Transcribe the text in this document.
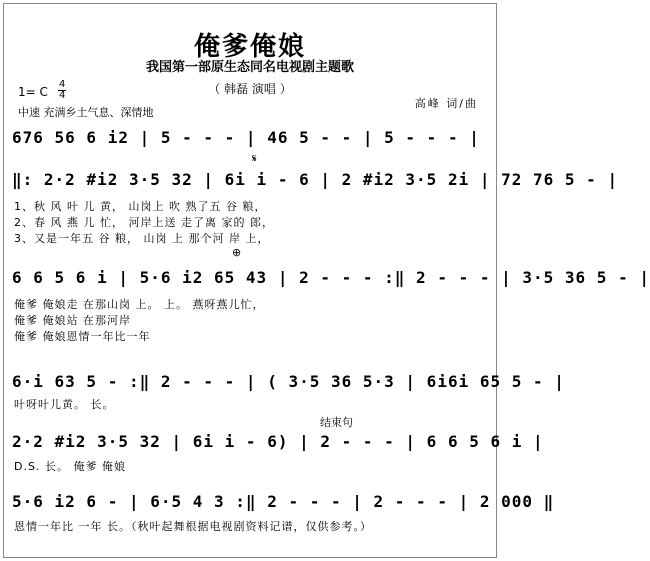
俺爹俺娘
我国第一部原生态同名电视剧主题歌
（ 韩磊 演唱 ）
1= C $\frac{4}{4}$
中速 充满乡土气息、深情地
高峰 词/曲
676 56 6 i2 | 5 - - - | 46 5 - - | 5 - - - |
𝄋
‖: 2·2 #i2 3·5 32 | 6i i - 6 | 2 #i2 3·5 2i | 72 76 5 - |
1、秋 风 叶 儿 黄， 山岗上 吹 熟了五 谷 粮，
2、春 风 燕 儿 忙， 河岸上送 走了离 家的 郎，
3、又是一年五 谷 粮， 山岗 上 那个河 岸 上，
⊕
6 6 5 6 i | 5·6 i2 65 43 | 2 - - - :‖ 2 - - - | 3·5 36 5 - |
俺爹 俺娘走 在那山岗 上。 上。 燕呀燕儿忙，
俺爹 俺娘站 在那河岸
俺爹 俺娘恩情一年比一年
6·i 63 5 - :‖ 2 - - - | ( 3·5 36 5·3 | 6i6i 65 5 - |
叶呀叶儿黄。 长。
结束句
2·2 #i2 3·5 32 | 6i i - 6) | 2 - - - | 6 6 5 6 i |
D.S. 长。 俺爹 俺娘
5·6 i2 6 - | 6·5 4 3 :‖ 2 - - - | 2 - - - | 2 000 ‖
恩情一年比 一年 长。（秋叶起舞根据电视剧资料记谱，仅供参考。）
